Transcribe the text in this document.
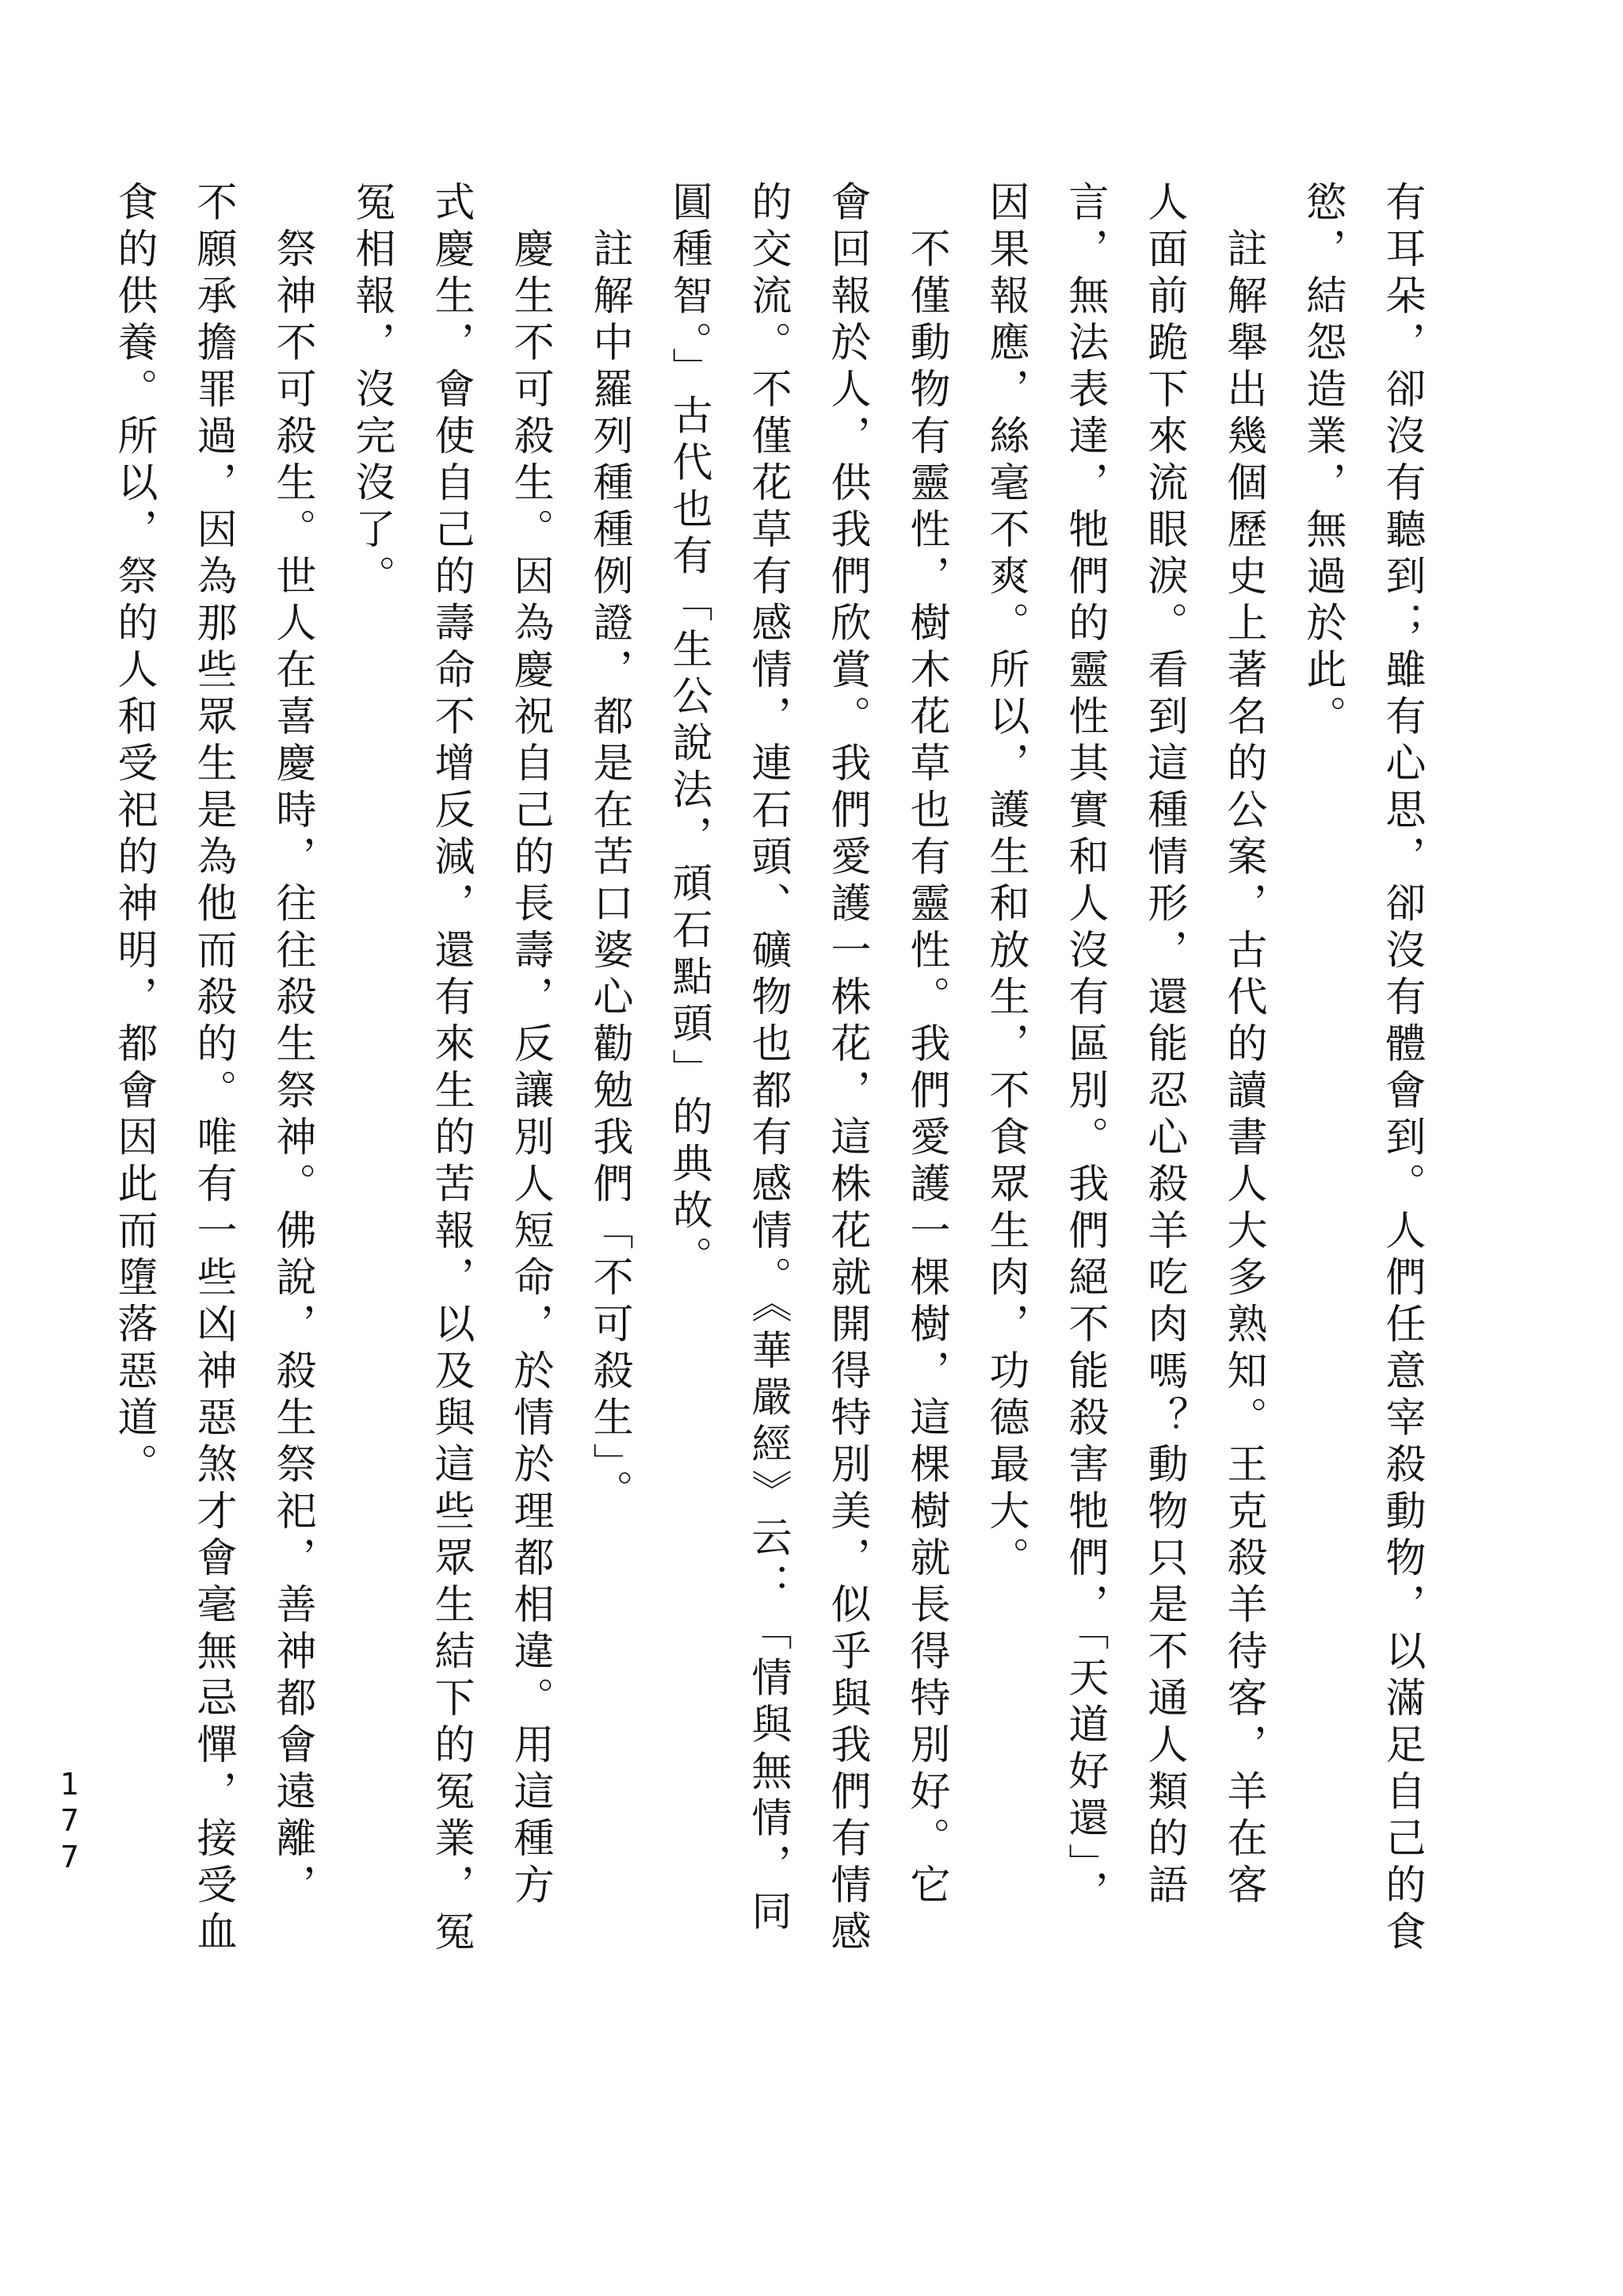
有耳朵，卻沒有聽到；雖有心思，卻沒有體會到。人們任意宰殺動物，以滿足自己的食
慾，結怨造業，無過於此。
　註解舉出幾個歷史上著名的公案，古代的讀書人大多熟知。王克殺羊待客，羊在客
人面前跪下來流眼淚。看到這種情形，還能忍心殺羊吃肉嗎？動物只是不通人類的語
言，無法表達，牠們的靈性其實和人沒有區別。我們絕不能殺害牠們，「天道好還」，
因果報應，絲毫不爽。所以，護生和放生，不食眾生肉，功德最大。
　不僅動物有靈性，樹木花草也有靈性。我們愛護一棵樹，這棵樹就長得特別好。它
會回報於人，供我們欣賞。我們愛護一株花，這株花就開得特別美，似乎與我們有情感
的交流。不僅花草有感情，連石頭、礦物也都有感情。《華嚴經》云：「情與無情，同
圓種智。」古代也有「生公說法，頑石點頭」的典故。
　註解中羅列種種例證，都是在苦口婆心勸勉我們「不可殺生」。
　慶生不可殺生。因為慶祝自己的長壽，反讓別人短命，於情於理都相違。用這種方
式慶生，會使自己的壽命不增反減，還有來生的苦報，以及與這些眾生結下的冤業，冤
冤相報，沒完沒了。
　祭神不可殺生。世人在喜慶時，往往殺生祭神。佛說，殺生祭祀，善神都會遠離，
不願承擔罪過，因為那些眾生是為他而殺的。唯有一些凶神惡煞才會毫無忌憚，接受血
食的供養。所以，祭的人和受祀的神明，都會因此而墮落惡道。
177
